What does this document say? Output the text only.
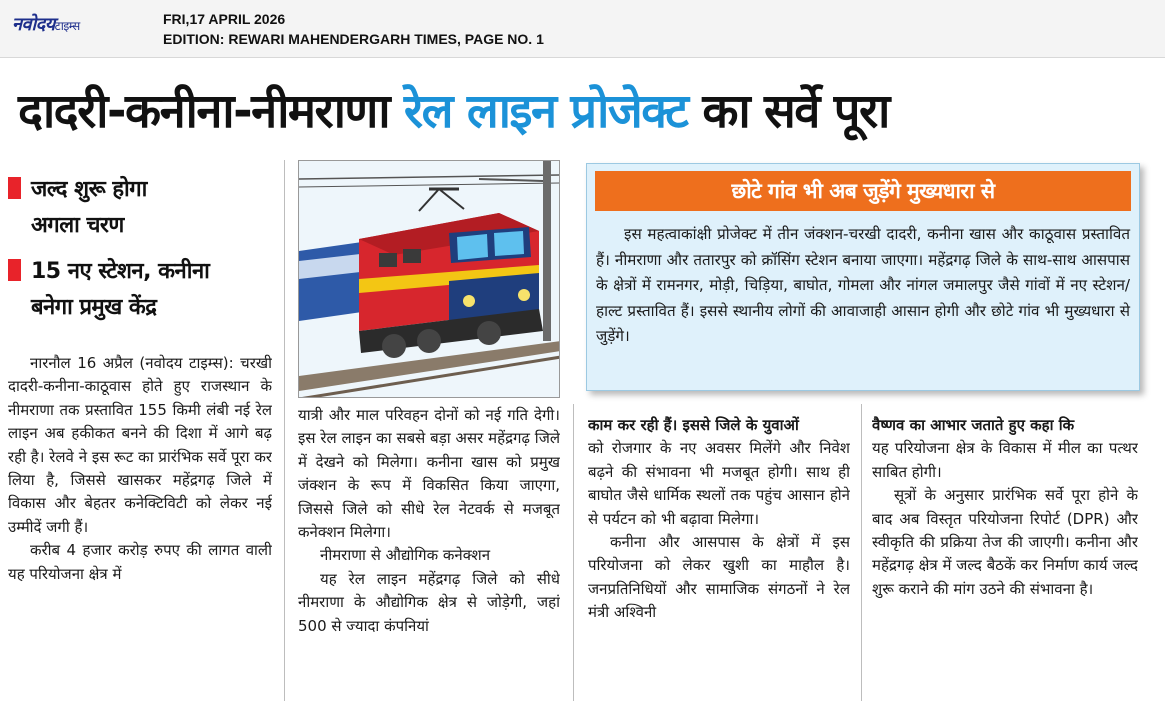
नवोदयटाइम्स	FRI,17 APRIL 2026
EDITION: REWARI MAHENDERGARH TIMES, PAGE NO. 1
दादरी-कनीना-नीमराणा रेल लाइन प्रोजेक्ट का सर्वे पूरा
जल्द शुरू होगा
अगला चरण
15 नए स्टेशन, कनीना
बनेगा प्रमुख केंद्र

नारनौल 16 अप्रैल (नवोदय टाइम्स): चरखी दादरी-कनीना-काठूवास होते हुए राजस्थान के नीमराणा तक प्रस्तावित 155 किमी लंबी नई रेल लाइन अब हकीकत बनने की दिशा में आगे बढ़ रही है। रेलवे ने इस रूट का प्रारंभिक सर्वे पूरा कर लिया है, जिससे खासकर महेंद्रगढ़ जिले में विकास और बेहतर कनेक्टिविटी को लेकर नई उम्मीदें जगी हैं।

करीब 4 हजार करोड़ रुपए की लागत वाली यह परियोजना क्षेत्र में

यात्री और माल परिवहन दोनों को नई गति देगी। इस रेल लाइन का सबसे बड़ा असर महेंद्रगढ़ जिले में देखने को मिलेगा। कनीना खास को प्रमुख जंक्शन के रूप में विकसित किया जाएगा, जिससे जिले को सीधे रेल नेटवर्क से मजबूत कनेक्शन मिलेगा।

नीमराणा से औद्योगिक कनेक्शन

यह रेल लाइन महेंद्रगढ़ जिले को सीधे नीमराणा के औद्योगिक क्षेत्र से जोड़ेगी, जहां 500 से ज्यादा कंपनियां

छोटे गांव भी अब जुड़ेंगे मुख्यधारा से

इस महत्वाकांक्षी प्रोजेक्ट में तीन जंक्शन-चरखी दादरी, कनीना खास और काठूवास प्रस्तावित हैं। नीमराणा और ततारपुर को क्रॉसिंग स्टेशन बनाया जाएगा। महेंद्रगढ़ जिले के साथ-साथ आसपास के क्षेत्रों में रामनगर, मोड़ी, चिड़िया, बाघोत, गोमला और नांगल जमालपुर जैसे गांवों में नए स्टेशन/हाल्ट प्रस्तावित हैं। इससे स्थानीय लोगों की आवाजाही आसान होगी और छोटे गांव भी मुख्यधारा से जुड़ेंगे।

काम कर रही हैं। इससे जिले के युवाओं

को रोजगार के नए अवसर मिलेंगे और निवेश बढ़ने की संभावना भी मजबूत होगी। साथ ही बाघोत जैसे धार्मिक स्थलों तक पहुंच आसान होने से पर्यटन को भी बढ़ावा मिलेगा।

कनीना और आसपास के क्षेत्रों में इस परियोजना को लेकर खुशी का माहौल है। जनप्रतिनिधियों और सामाजिक संगठनों ने रेल मंत्री अश्विनी

वैष्णव का आभार जताते हुए कहा कि

यह परियोजना क्षेत्र के विकास में मील का पत्थर साबित होगी।

सूत्रों के अनुसार प्रारंभिक सर्वे पूरा होने के बाद अब विस्तृत परियोजना रिपोर्ट (DPR) और स्वीकृति की प्रक्रिया तेज की जाएगी। कनीना और महेंद्रगढ़ क्षेत्र में जल्द बैठकें कर निर्माण कार्य जल्द शुरू कराने की मांग उठने की संभावना है।
